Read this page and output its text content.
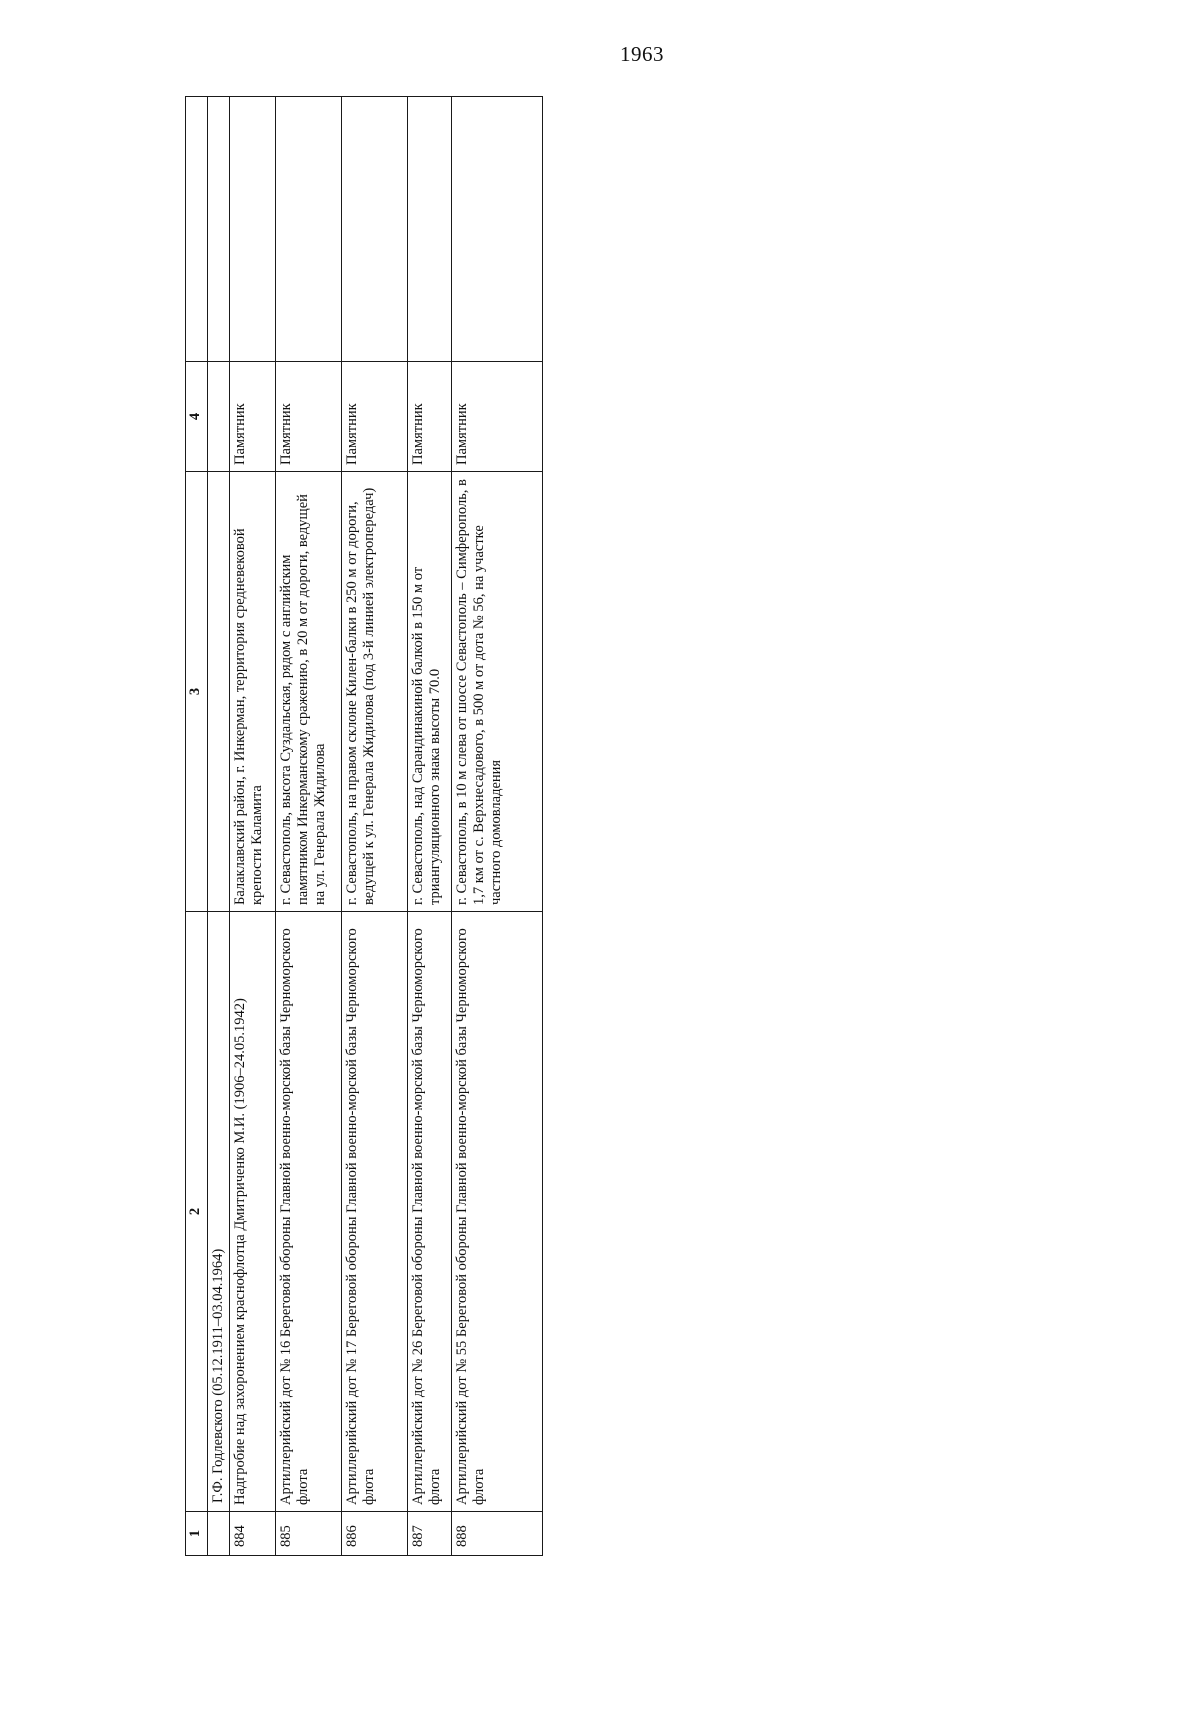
1963
1	2	3	4	
	Г.Ф. Годлевского (05.12.1911–03.04.1964)			
884	Надгробие над захоронением краснофлотца Дмитриченко М.И. (1906–24.05.1942)	Балаклавский район, г. Инкерман, территория средневековой крепости Каламита	Памятник	
885	Артиллерийский дот № 16 Береговой обороны Главной военно-морской базы Черноморского флота	г. Севастополь, высота Суздальская, рядом с английским памятником Инкерманскому сражению, в 20 м от дороги, ведущей на ул. Генерала Жидилова	Памятник	
886	Артиллерийский дот № 17 Береговой обороны Главной военно-морской базы Черноморского флота	г. Севастополь, на правом склоне Килен-балки в 250 м от дороги, ведущей к ул. Генерала Жидилова (под 3-й линией электропередач)	Памятник	
887	Артиллерийский дот № 26 Береговой обороны Главной военно-морской базы Черноморского флота	г. Севастополь, над Сарандинакиной балкой в 150 м от триангуляционного знака высоты 70.0	Памятник	
888	Артиллерийский дот № 55 Береговой обороны Главной военно-морской базы Черноморского флота	г. Севастополь, в 10 м слева от шоссе Севастополь – Симферополь, в 1,7 км от с. Верхнесадового, в 500 м от дота № 56, на участке частного домовладения	Памятник	
